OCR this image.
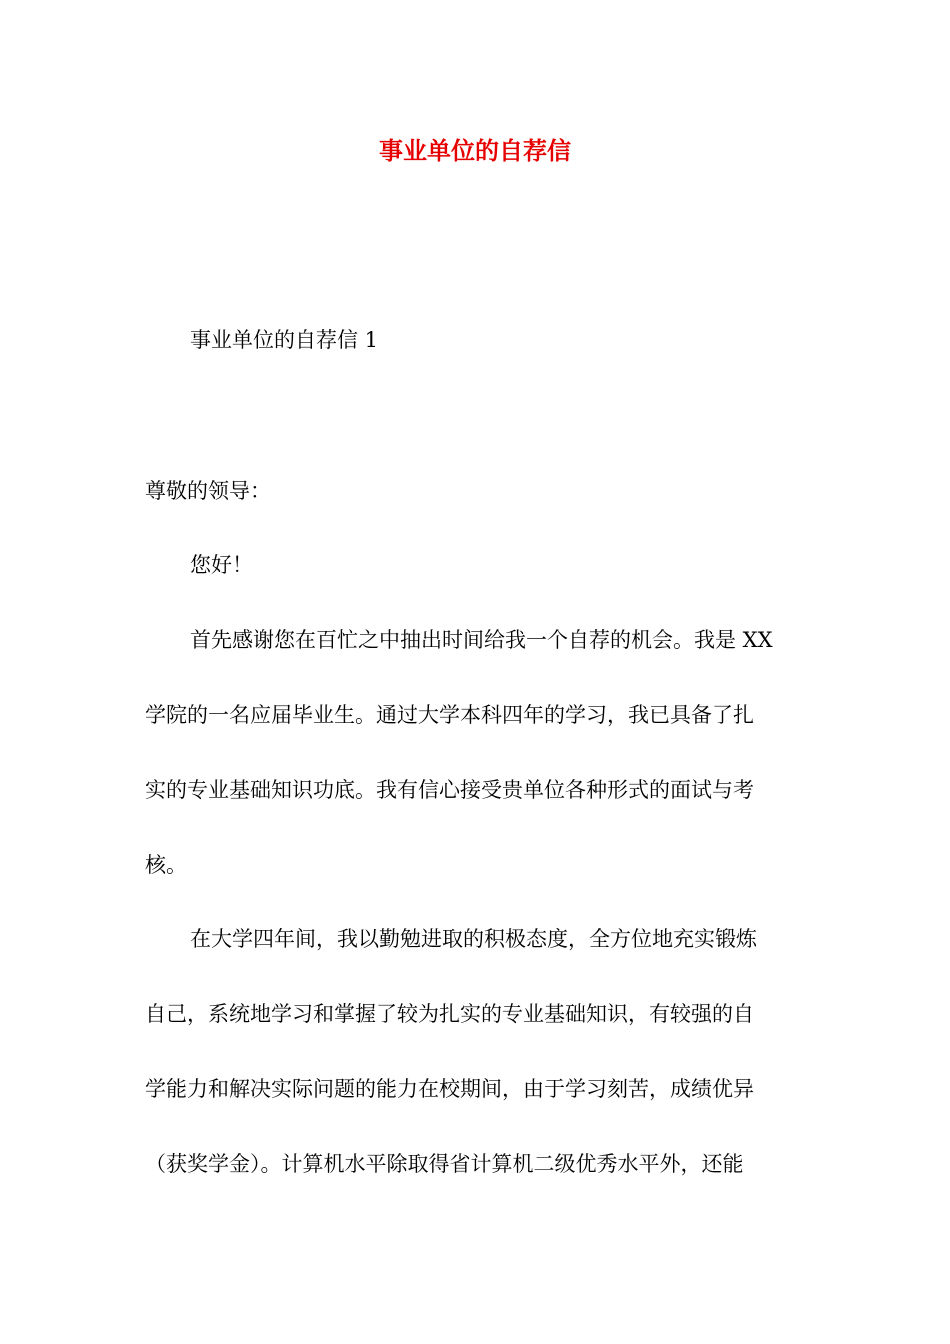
事业单位的自荐信

事业单位的自荐信 1

尊敬的领导：

您好！

首先感谢您在百忙之中抽出时间给我一个自荐的机会。我是 XX
学院的一名应届毕业生。通过大学本科四年的学习，我已具备了扎
实的专业基础知识功底。我有信心接受贵单位各种形式的面试与考
核。
在大学四年间，我以勤勉进取的积极态度，全方位地充实锻炼
自己，系统地学习和掌握了较为扎实的专业基础知识，有较强的自
学能力和解决实际问题的能力在校期间，由于学习刻苦，成绩优异
（获奖学金）。计算机水平除取得省计算机二级优秀水平外，还能
